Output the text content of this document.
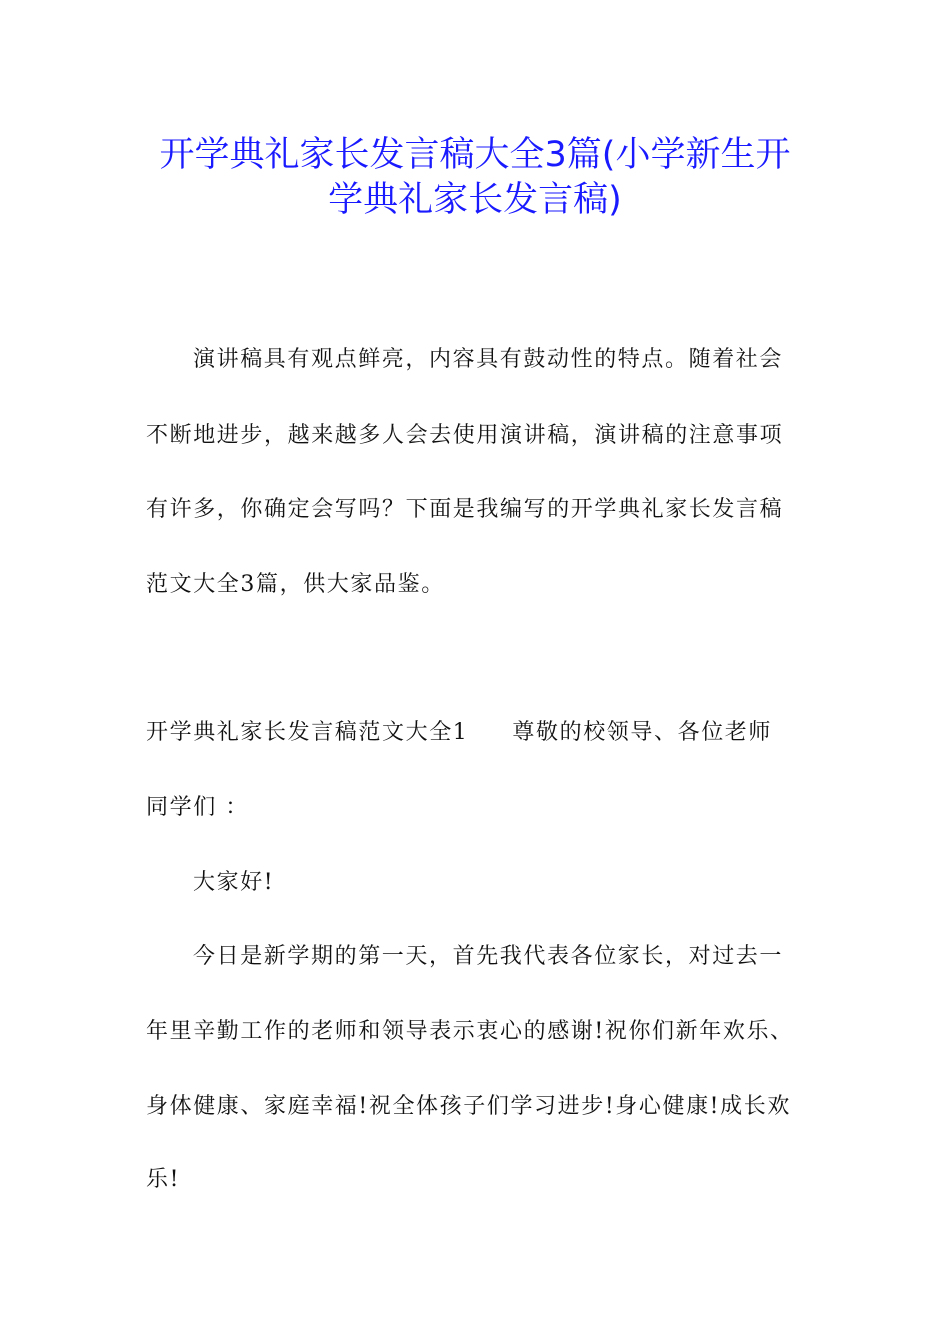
开学典礼家长发言稿大全3篇(小学新生开
学典礼家长发言稿)
演讲稿具有观点鲜亮，内容具有鼓动性的特点。随着社会
不断地进步，越来越多人会去使用演讲稿，演讲稿的注意事项
有许多，你确定会写吗？下面是我编写的开学典礼家长发言稿
范文大全3篇，供大家品鉴。
开学典礼家长发言稿范文大全1 尊敬的校领导、各位老师
同学们 ：
大家好!
今日是新学期的第一天，首先我代表各位家长，对过去一
年里辛勤工作的老师和领导表示衷心的感谢!祝你们新年欢乐、
身体健康、家庭幸福!祝全体孩子们学习进步!身心健康!成长欢
乐!
